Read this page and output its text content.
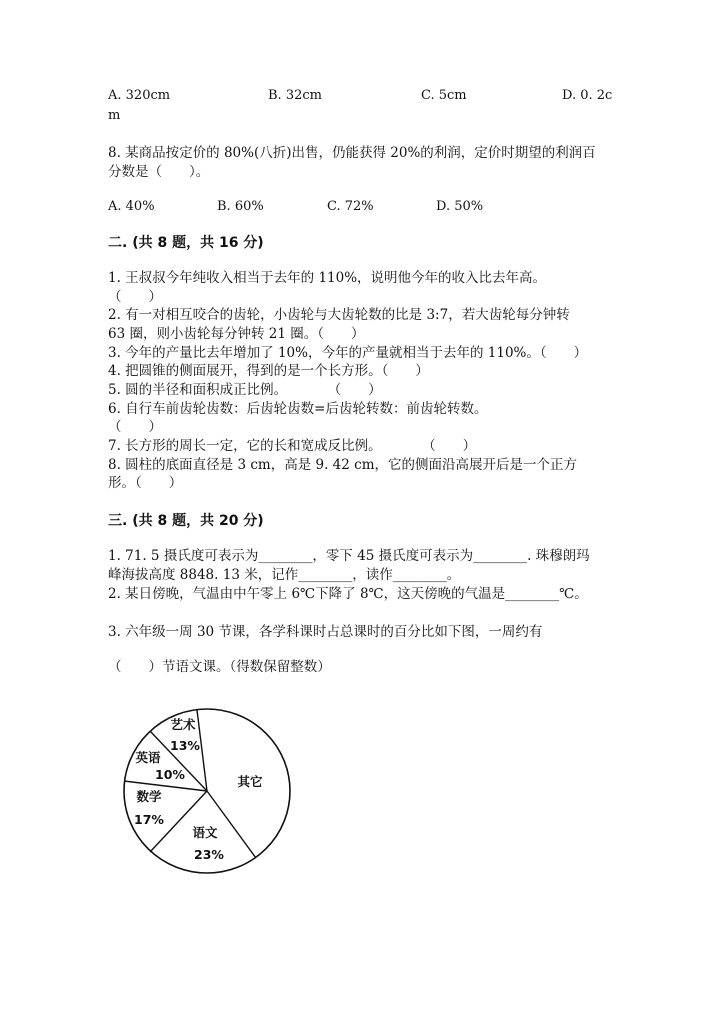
A. 320cm	B. 32cm	C. 5cm	D. 0. 2c
m
8. 某商品按定价的 80%(八折)出售，仍能获得 20%的利润，定价时期望的利润百
分数是（　　）。
A. 40%	B. 60%	C. 72%	D. 50%
二. (共 8 题，共 16 分)
1. 王叔叔今年纯收入相当于去年的 110%，说明他今年的收入比去年高。
（　　）
2. 有一对相互咬合的齿轮，小齿轮与大齿轮数的比是 3:7，若大齿轮每分钟转
63 圈，则小齿轮每分钟转 21 圈。（　　）
3. 今年的产量比去年增加了 10%，今年的产量就相当于去年的 110%。（　　）
4. 把圆锥的侧面展开，得到的是一个长方形。（　　）
5. 圆的半径和面积成正比例。　　　　（　　）
6. 自行车前齿轮齿数：后齿轮齿数=后齿轮转数：前齿轮转数。
（　　）
7. 长方形的周长一定，它的长和宽成反比例。　　　　（　　）
8. 圆柱的底面直径是 3 cm，高是 9. 42 cm，它的侧面沿高展开后是一个正方
形。（　　）
三. (共 8 题，共 20 分)
1. 71. 5 摄氏度可表示为________，零下 45 摄氏度可表示为________. 珠穆朗玛
峰海拔高度 8848. 13 米，记作________，读作________。
2. 某日傍晚，气温由中午零上 6℃下降了 8℃，这天傍晚的气温是________℃。
3. 六年级一周 30 节课，各学科课时占总课时的百分比如下图，一周约有
（　　）节语文课。（得数保留整数）
艺术
13%
英语
10%
数学
17%
语文
23%
其它
